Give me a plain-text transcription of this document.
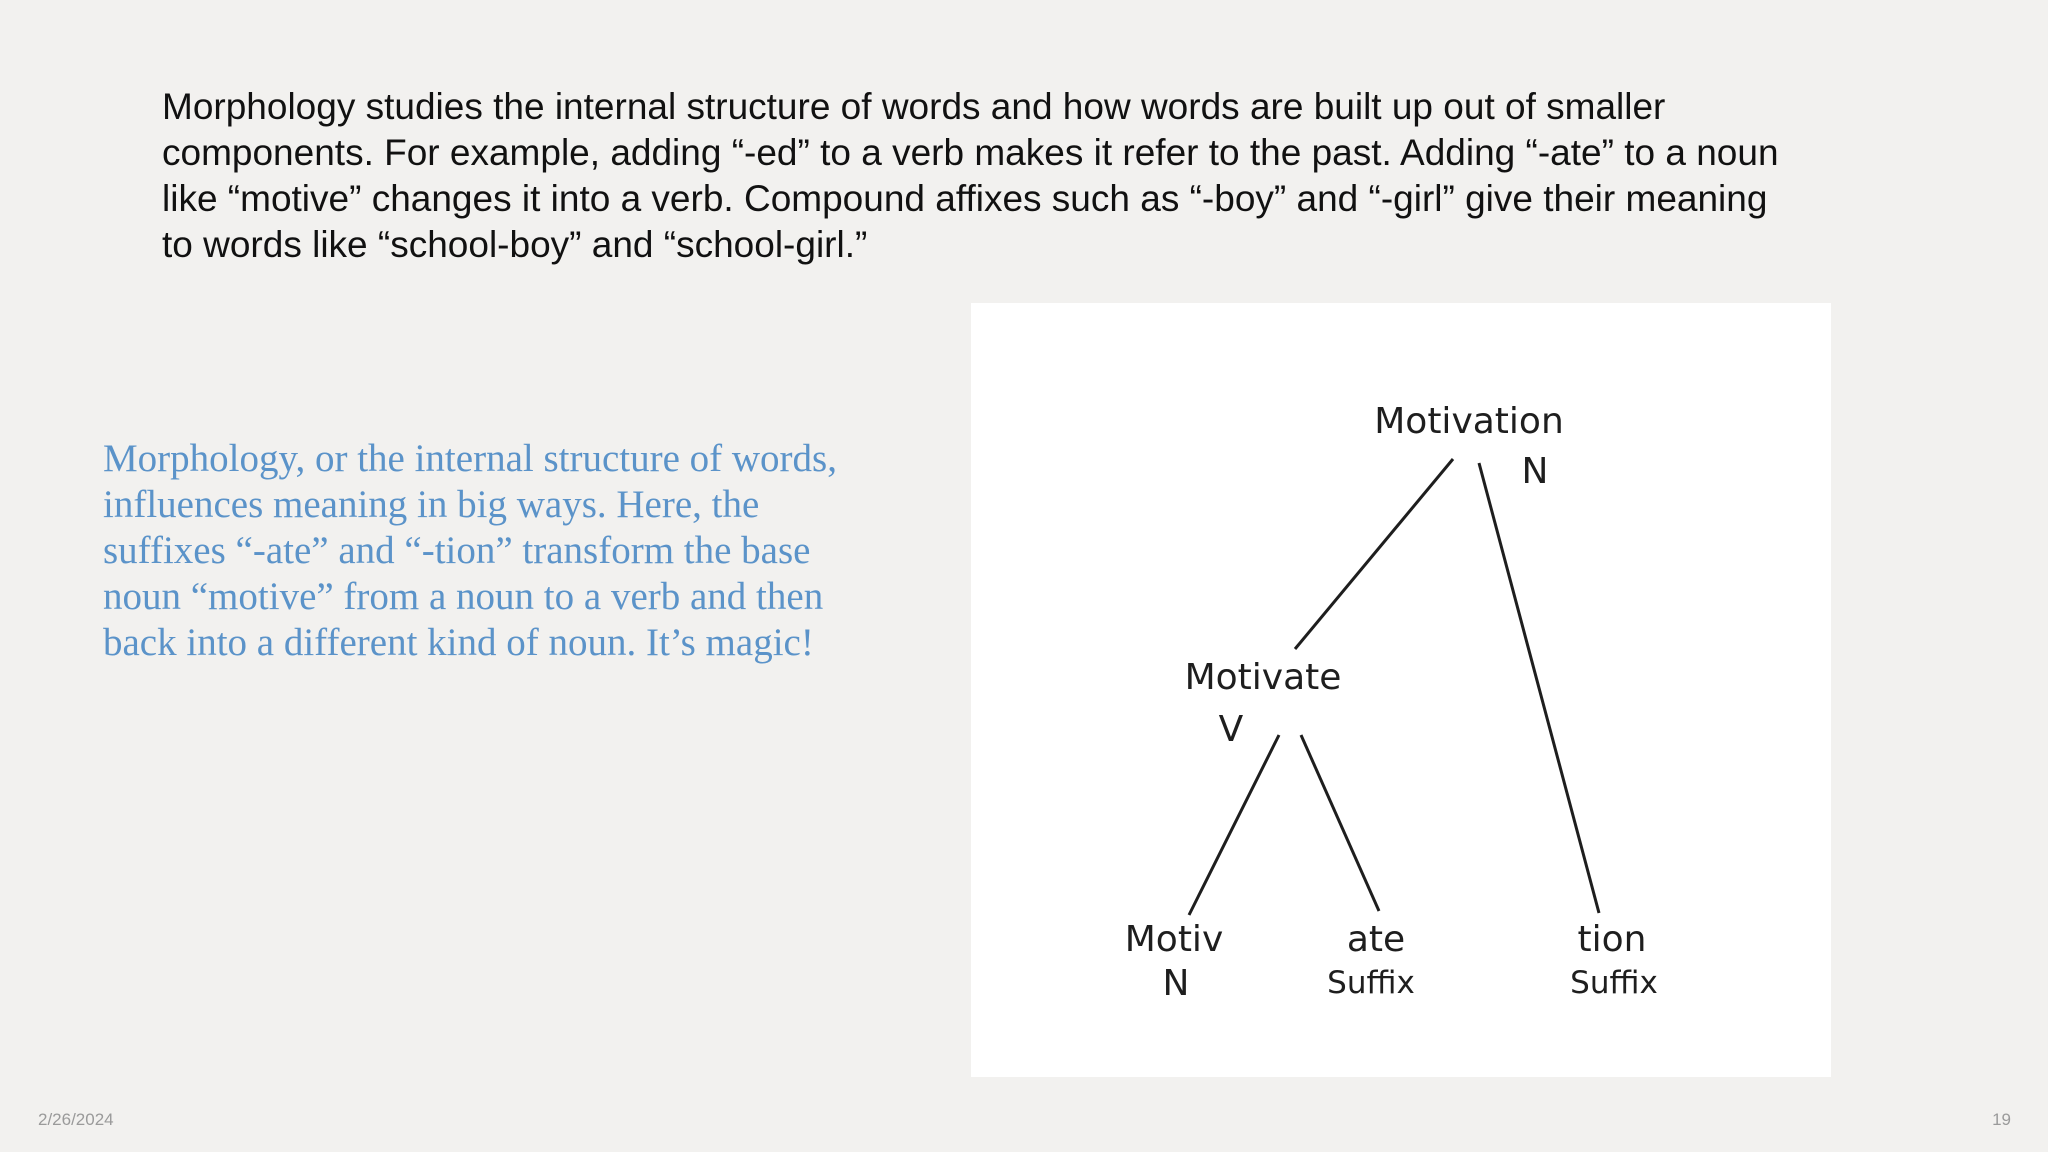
Morphology studies the internal structure of words and how words are built up out of smaller components. For example, adding “-ed” to a verb makes it refer to the past. Adding “-ate” to a noun like “motive” changes it into a verb. Compound affixes such as “-boy” and “-girl” give their meaning to words like “school-boy” and “school-girl.”

Morphology, or the internal structure of words, influences meaning in big ways. Here, the suffixes “-ate” and “-tion” transform the base noun “motive” from a noun to a verb and then back into a different kind of noun. It’s magic!

Motivation
N
Motivate
V
Motiv
N
ate
Suffix
tion
Suffix
2/26/2024	19
